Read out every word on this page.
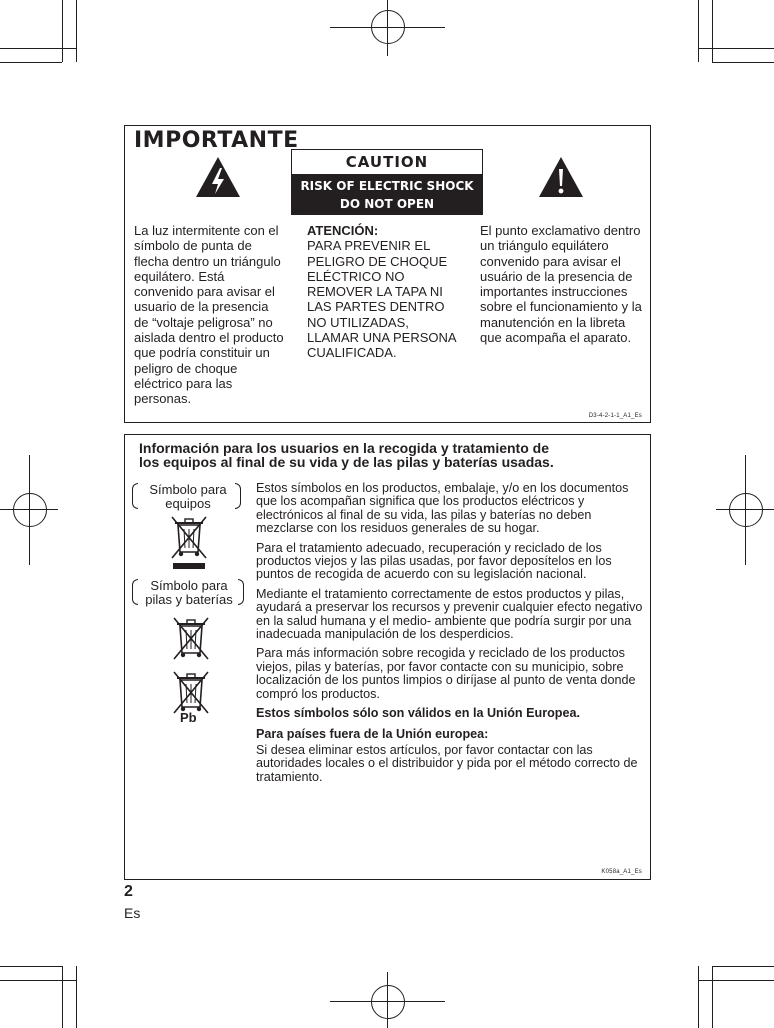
IMPORTANTE
CAUTION
RISK OF ELECTRIC SHOCK
DO NOT OPEN
La luz intermitente con el símbolo de punta de flecha dentro un triángulo equilátero. Está convenido para avisar el usuario de la presencia de “voltaje peligrosa” no aislada dentro el producto que podría constituir un peligro de choque eléctrico para las personas.
ATENCIÓN:
PARA PREVENIR EL PELIGRO DE CHOQUE ELÉCTRICO NO REMOVER LA TAPA NI LAS PARTES DENTRO NO UTILIZADAS, LLAMAR UNA PERSONA CUALIFICADA.
El punto exclamativo dentro un triángulo equilátero convenido para avisar el usuário de la presencia de importantes instrucciones sobre el funcionamiento y la manutención en la libreta que acompaña el aparato.
D3-4-2-1-1_A1_Es
Información para los usuarios en la recogida y tratamiento de
los equipos al final de su vida y de las pilas y baterías usadas.
Símbolo para
equipos
Símbolo para
pilas y baterías
Pb

Estos símbolos en los productos, embalaje, y/o en los documentos que los acompañan significa que los productos eléctricos y electrónicos al final de su vida, las pilas y baterías no deben mezclarse con los residuos generales de su hogar.

Para el tratamiento adecuado, recuperación y reciclado de los productos viejos y las pilas usadas, por favor deposítelos en los puntos de recogida de acuerdo con su legislación nacional.

Mediante el tratamiento correctamente de estos productos y pilas, ayudará a preservar los recursos y prevenir cualquier efecto negativo en la salud humana y el medio- ambiente que podría surgir por una inadecuada manipulación de los desperdicios.

Para más información sobre recogida y reciclado de los productos viejos, pilas y baterías, por favor contacte con su municipio, sobre localización de los puntos limpios o diríjase al punto de venta donde compró los productos.

Estos símbolos sólo son válidos en la Unión Europea.

Para países fuera de la Unión europea:

Si desea eliminar estos artículos, por favor contactar con las autoridades locales o el distribuidor y pida por el método correcto de tratamiento.

K058a_A1_Es
2
Es
